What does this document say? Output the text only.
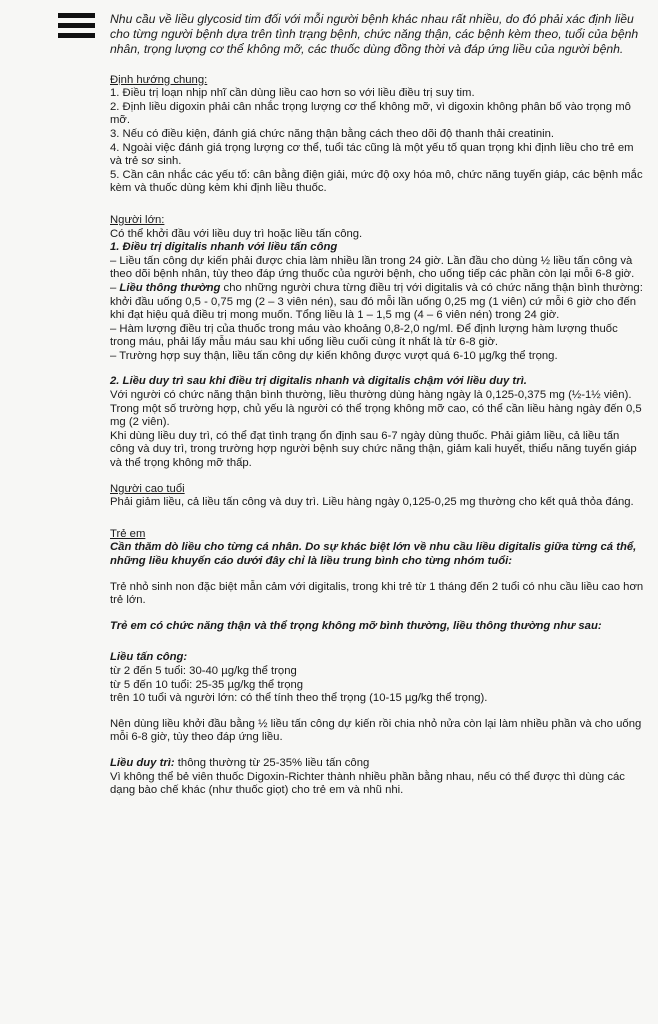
Nhu cầu về liều glycosid tim đối với mỗi người bệnh khác nhau rất nhiều, do đó phải xác định liều cho từng người bệnh dựa trên tình trạng bệnh, chức năng thận, các bệnh kèm theo, tuổi của bệnh nhân, trọng lượng cơ thể không mỡ, các thuốc dùng đồng thời và đáp ứng liều của người bệnh.

Định hướng chung:

1. Điều trị loạn nhịp nhĩ cần dùng liều cao hơn so với liều điều trị suy tim.

2. Định liều digoxin phải cân nhắc trọng lượng cơ thể không mỡ, vì digoxin không phân bố vào trọng mô mỡ.

3. Nếu có điều kiện, đánh giá chức năng thận bằng cách theo dõi độ thanh thải creatinin.

4. Ngoài việc đánh giá trọng lượng cơ thể, tuổi tác cũng là một yếu tố quan trọng khi định liều cho trẻ em và trẻ sơ sinh.

5. Cần cân nhắc các yếu tố: cân bằng điện giải, mức độ oxy hóa mô, chức năng tuyến giáp, các bệnh mắc kèm và thuốc dùng kèm khi định liều thuốc.

Người lớn:

Có thể khởi đầu với liều duy trì hoặc liều tấn công.

1. Điều trị digitalis nhanh với liều tấn công

– Liều tấn công dự kiến phải được chia làm nhiều lần trong 24 giờ. Lần đầu cho dùng ½ liều tấn công và theo dõi bệnh nhân, tùy theo đáp ứng thuốc của người bệnh, cho uống tiếp các phần còn lại mỗi 6-8 giờ.

– Liều thông thường cho những người chưa từng điều trị với digitalis và có chức năng thận bình thường: khởi đầu uống 0,5 - 0,75 mg (2 – 3 viên nén), sau đó mỗi lần uống 0,25 mg (1 viên) cứ mỗi 6 giờ cho đến khi đạt hiệu quả điều trị mong muốn. Tổng liều là 1 – 1,5 mg (4 – 6 viên nén) trong 24 giờ.

– Hàm lượng điều trị của thuốc trong máu vào khoảng 0,8-2,0 ng/ml. Để định lượng hàm lượng thuốc trong máu, phải lấy mẫu máu sau khi uống liều cuối cùng ít nhất là từ 6-8 giờ.

– Trường hợp suy thận, liều tấn công dự kiến không được vượt quá 6-10 µg/kg thể trọng.

2. Liều duy trì sau khi điều trị digitalis nhanh và digitalis chậm với liều duy trì.

Với người có chức năng thận bình thường, liều thường dùng hàng ngày là 0,125-0,375 mg (½-1½ viên). Trong một số trường hợp, chủ yếu là người có thể trọng không mỡ cao, có thể cần liều hàng ngày đến 0,5 mg (2 viên).

Khi dùng liều duy trì, có thể đạt tình trạng ổn định sau 6-7 ngày dùng thuốc. Phải giảm liều, cả liều tấn công và duy trì, trong trường hợp người bệnh suy chức năng thận, giảm kali huyết, thiểu năng tuyến giáp và thể trọng không mỡ thấp.

Người cao tuổi

Phải giảm liều, cả liều tấn công và duy trì. Liều hàng ngày 0,125-0,25 mg thường cho kết quả thỏa đáng.

Trẻ em

Cần thăm dò liều cho từng cá nhân. Do sự khác biệt lớn về nhu cầu liều digitalis giữa từng cá thể, những liều khuyến cáo dưới đây chỉ là liều trung bình cho từng nhóm tuổi:

Trẻ nhỏ sinh non đặc biệt mẫn cảm với digitalis, trong khi trẻ từ 1 tháng đến 2 tuổi có nhu cầu liều cao hơn trẻ lớn.

Trẻ em có chức năng thận và thể trọng không mỡ bình thường, liều thông thường như sau:

Liều tấn công:

từ 2 đến 5 tuổi: 30-40 µg/kg thể trọng

từ 5 đến 10 tuổi: 25-35 µg/kg thể trọng

trên 10 tuổi và người lớn: có thể tính theo thể trọng (10-15 µg/kg thể trọng).

Nên dùng liều khởi đầu bằng ½ liều tấn công dự kiến rồi chia nhỏ nửa còn lại làm nhiều phần và cho uống mỗi 6-8 giờ, tùy theo đáp ứng liều.

Liều duy trì: thông thường từ 25-35% liều tấn công

Vì không thể bẻ viên thuốc Digoxin-Richter thành nhiều phần bằng nhau, nếu có thể được thì dùng các dạng bào chế khác (như thuốc giọt) cho trẻ em và nhũ nhi.
